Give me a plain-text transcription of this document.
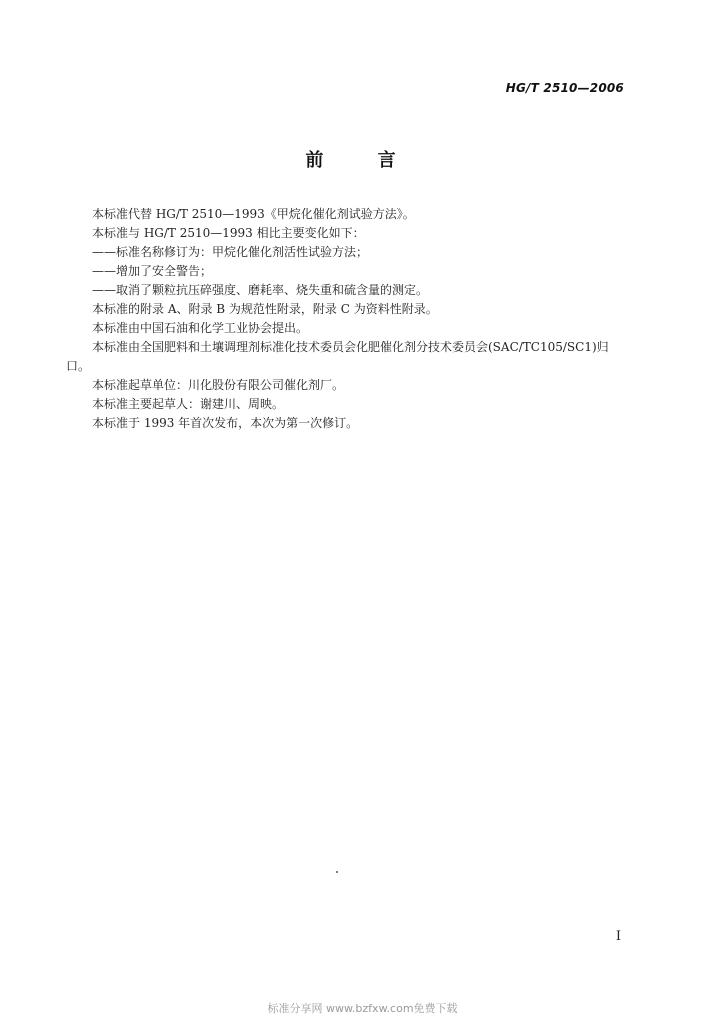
HG/T 2510—2006
前 言

本标准代替 HG/T 2510—1993《甲烷化催化剂试验方法》。

本标准与 HG/T 2510—1993 相比主要变化如下：

——标准名称修订为：甲烷化催化剂活性试验方法；

——增加了安全警告；

——取消了颗粒抗压碎强度、磨耗率、烧失重和硫含量的测定。

本标准的附录 A、附录 B 为规范性附录，附录 C 为资料性附录。

本标准由中国石油和化学工业协会提出。

本标准由全国肥料和土壤调理剂标准化技术委员会化肥催化剂分技术委员会(SAC/TC105/SC1)归口。

本标准起草单位：川化股份有限公司催化剂厂。

本标准主要起草人：谢建川、周映。

本标准于 1993 年首次发布，本次为第一次修订。

I
标准分享网 www.bzfxw.com免费下载
